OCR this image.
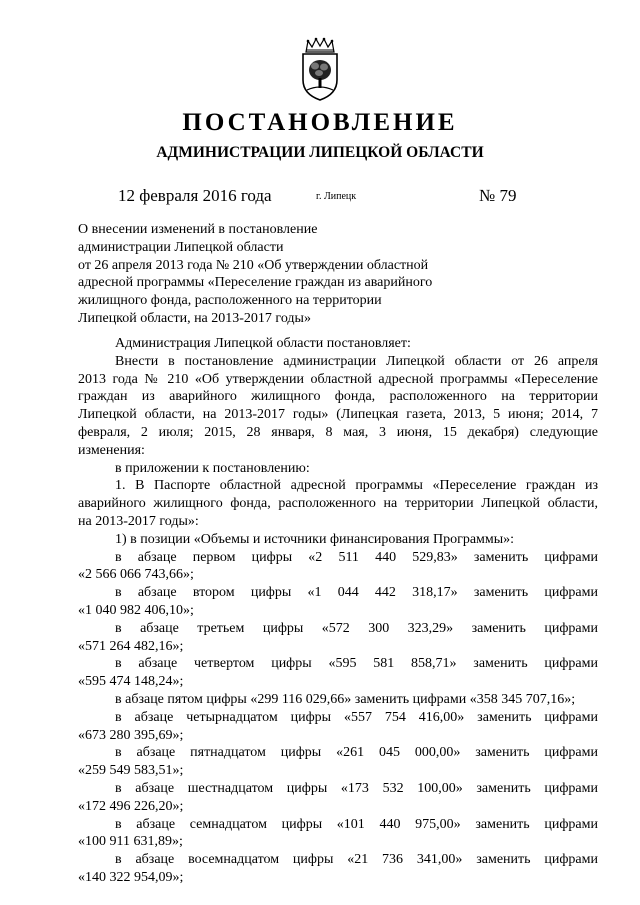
ПОСТАНОВЛЕНИЕ
АДМИНИСТРАЦИИ ЛИПЕЦКОЙ ОБЛАСТИ
12 февраля 2016 года	г. Липецк	№ 79
О внесении изменений в постановление
администрации Липецкой области
от 26 апреля 2013 года № 210 «Об утверждении областной
адресной программы «Переселение граждан из аварийного
жилищного фонда, расположенного на территории
Липецкой области, на 2013-2017 годы»
Администрация Липецкой области постановляет:
Внести в постановление администрации Липецкой области от 26 апреля
2013 года № 210 «Об утверждении областной адресной программы «Переселение
граждан из аварийного жилищного фонда, расположенного на территории
Липецкой области, на 2013-2017 годы» (Липецкая газета, 2013, 5 июня; 2014, 7
февраля, 2 июля; 2015, 28 января, 8 мая, 3 июня, 15 декабря) следующие
изменения:
в приложении к постановлению:
1. В Паспорте областной адресной программы «Переселение граждан из
аварийного жилищного фонда, расположенного на территории Липецкой области,
на 2013-2017 годы»:
1) в позиции «Объемы и источники финансирования Программы»:
в абзаце первом цифры «2 511 440 529,83» заменить цифрами
«2 566 066 743,66»;
в абзаце втором цифры «1 044 442 318,17» заменить цифрами
«1 040 982 406,10»;
в абзаце третьем цифры «572 300 323,29» заменить цифрами
«571 264 482,16»;
в абзаце четвертом цифры «595 581 858,71» заменить цифрами
«595 474 148,24»;
в абзаце пятом цифры «299 116 029,66» заменить цифрами «358 345 707,16»;
в абзаце четырнадцатом цифры «557 754 416,00» заменить цифрами
«673 280 395,69»;
в абзаце пятнадцатом цифры «261 045 000,00» заменить цифрами
«259 549 583,51»;
в абзаце шестнадцатом цифры «173 532 100,00» заменить цифрами
«172 496 226,20»;
в абзаце семнадцатом цифры «101 440 975,00» заменить цифрами
«100 911 631,89»;
в абзаце восемнадцатом цифры «21 736 341,00» заменить цифрами
«140 322 954,09»;
